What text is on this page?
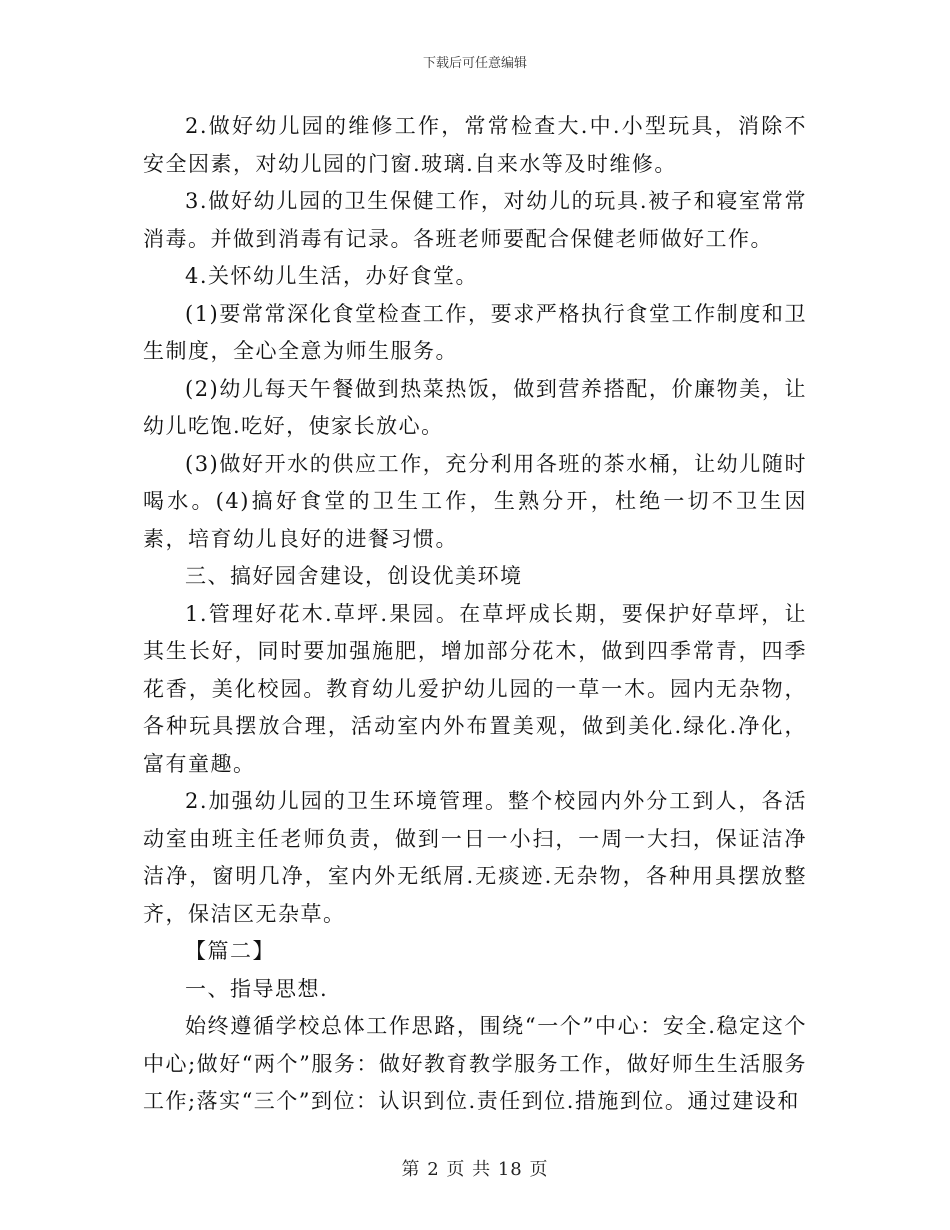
下载后可任意编辑

2.做好幼儿园的维修工作，常常检查大.中.小型玩具，消除不安全因素，对幼儿园的门窗.玻璃.自来水等及时维修。

3.做好幼儿园的卫生保健工作，对幼儿的玩具.被子和寝室常常消毒。并做到消毒有记录。各班老师要配合保健老师做好工作。

4.关怀幼儿生活，办好食堂。

(1)要常常深化食堂检查工作，要求严格执行食堂工作制度和卫生制度，全心全意为师生服务。

(2)幼儿每天午餐做到热菜热饭，做到营养搭配，价廉物美，让幼儿吃饱.吃好，使家长放心。

(3)做好开水的供应工作，充分利用各班的茶水桶，让幼儿随时喝水。(4)搞好食堂的卫生工作，生熟分开，杜绝一切不卫生因素，培育幼儿良好的进餐习惯。

三、搞好园舍建设，创设优美环境

1.管理好花木.草坪.果园。在草坪成长期，要保护好草坪，让其生长好，同时要加强施肥，增加部分花木，做到四季常青，四季花香，美化校园。教育幼儿爱护幼儿园的一草一木。园内无杂物，各种玩具摆放合理，活动室内外布置美观，做到美化.绿化.净化，富有童趣。

2.加强幼儿园的卫生环境管理。整个校园内外分工到人，各活动室由班主任老师负责，做到一日一小扫，一周一大扫，保证洁净洁净，窗明几净，室内外无纸屑.无痰迹.无杂物，各种用具摆放整齐，保洁区无杂草。

【篇二】

一、指导思想.

始终遵循学校总体工作思路，围绕“一个”中心：安全.稳定这个中心;做好“两个”服务：做好教育教学服务工作，做好师生生活服务工作;落实“三个”到位：认识到位.责任到位.措施到位。通过建设和

第 2 页 共 18 页
